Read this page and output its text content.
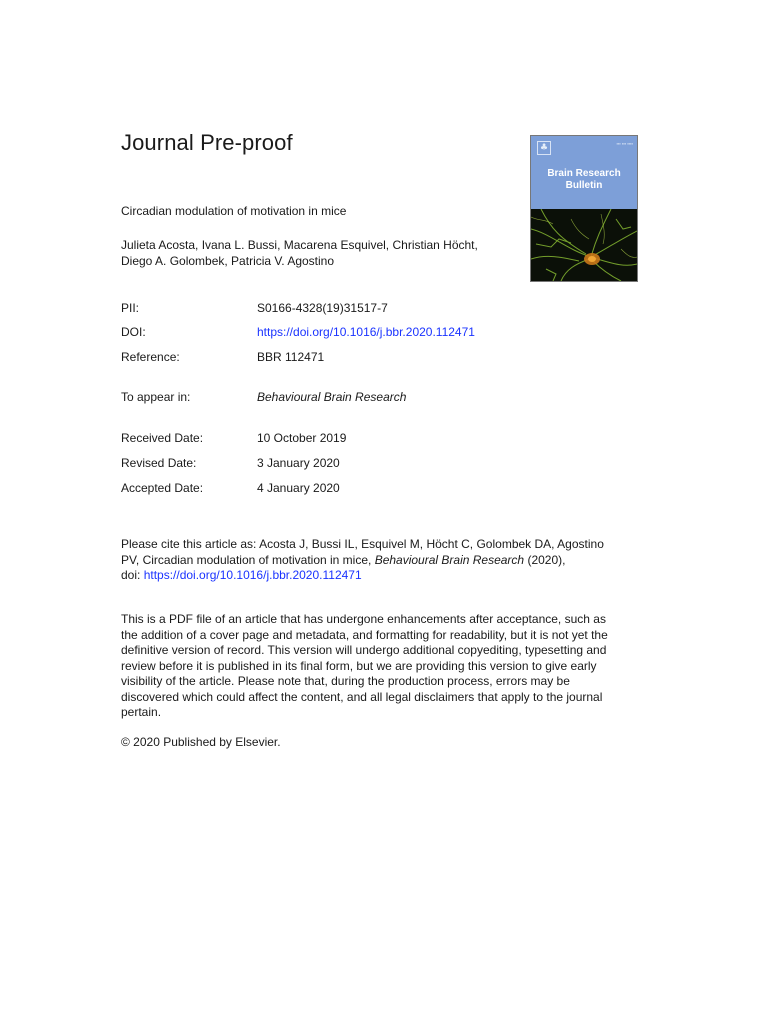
Journal Pre-proof	♣	▪▪▪ ▪▪▪ ▪▪▪▪
Brain Research
Bulletin
Circadian modulation of motivation in mice
Julieta Acosta, Ivana L. Bussi, Macarena Esquivel, Christian Höcht,
Diego A. Golombek, Patricia V. Agostino
PII:	S0166-4328(19)31517-7
DOI:	https://doi.org/10.1016/j.bbr.2020.112471
Reference:	BBR 112471
To appear in:	Behavioural Brain Research
Received Date:	10 October 2019
Revised Date:	3 January 2020
Accepted Date:	4 January 2020

Please cite this article as: Acosta J, Bussi IL, Esquivel M, Höcht C, Golombek DA, Agostino

PV, Circadian modulation of motivation in mice, Behavioural Brain Research (2020),

doi: https://doi.org/10.1016/j.bbr.2020.112471

This is a PDF file of an article that has undergone enhancements after acceptance, such as

the addition of a cover page and metadata, and formatting for readability, but it is not yet the

definitive version of record. This version will undergo additional copyediting, typesetting and

review before it is published in its final form, but we are providing this version to give early

visibility of the article. Please note that, during the production process, errors may be

discovered which could affect the content, and all legal disclaimers that apply to the journal

pertain.

© 2020 Published by Elsevier.
